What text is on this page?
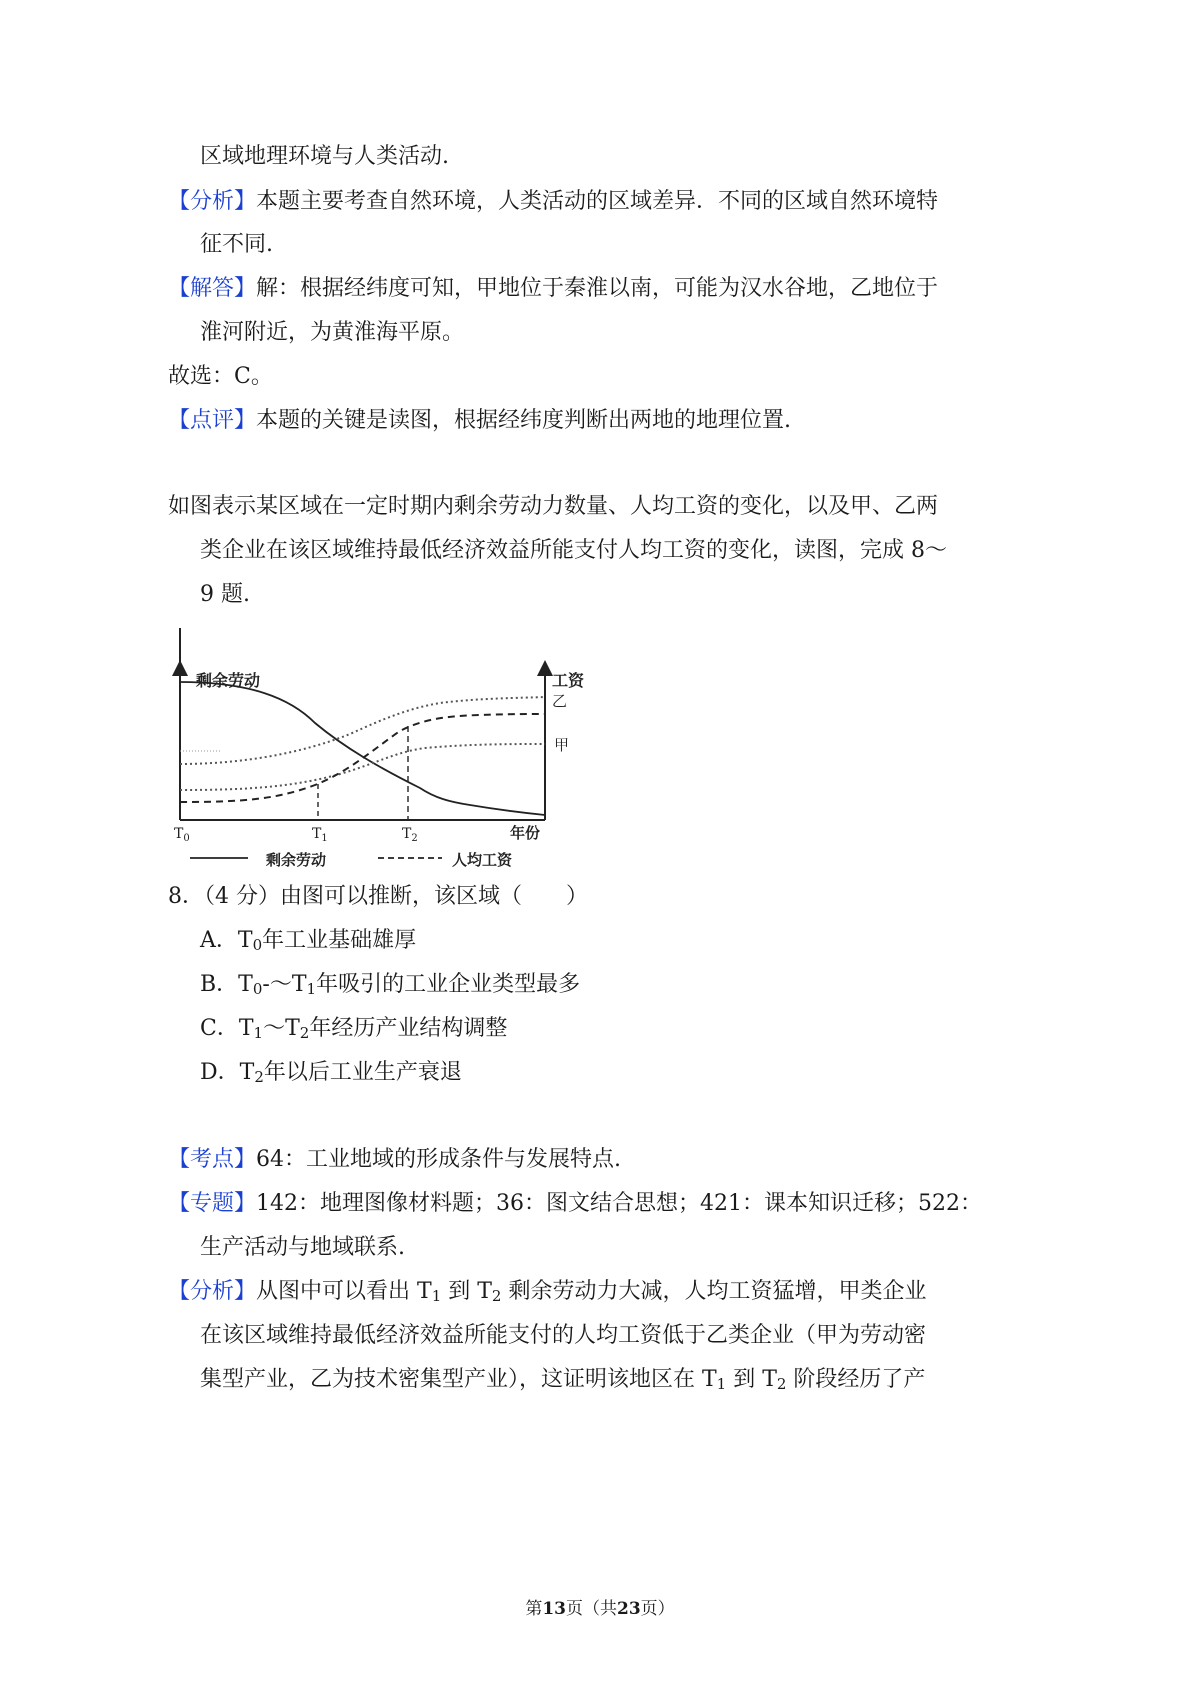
区域地理环境与人类活动.
【分析】本题主要考查自然环境，人类活动的区域差异．不同的区域自然环境特
征不同.
【解答】解：根据经纬度可知，甲地位于秦淮以南，可能为汉水谷地，乙地位于
淮河附近，为黄淮海平原。
故选：C。
【点评】本题的关键是读图，根据经纬度判断出两地的地理位置.
如图表示某区域在一定时期内剩余劳动力数量、人均工资的变化，以及甲、乙两
类企业在该区域维持最低经济效益所能支付人均工资的变化，读图，完成 8～
9 题.
剩余劳动	工资
乙
甲
$T_0$	$T_1$	$T_2$	年份
剩余劳动	人均工资
8．（4 分）由图可以推断，该区域（　　）
A．$T_0$年工业基础雄厚
B．$T_0-\sim T_1$年吸引的工业企业类型最多
C．$T_1\sim T_2$年经历产业结构调整
D．$T_2$年以后工业生产衰退
【考点】64：工业地域的形成条件与发展特点.
【专题】142：地理图像材料题；36：图文结合思想；421：课本知识迁移；522：
生产活动与地域联系.
【分析】从图中可以看出 $T_1$ 到 $T_2$ 剩余劳动力大减，人均工资猛增，甲类企业
在该区域维持最低经济效益所能支付的人均工资低于乙类企业（甲为劳动密
集型产业，乙为技术密集型产业），这证明该地区在 $T_1$ 到 $T_2$ 阶段经历了产
第13页（共23页）
